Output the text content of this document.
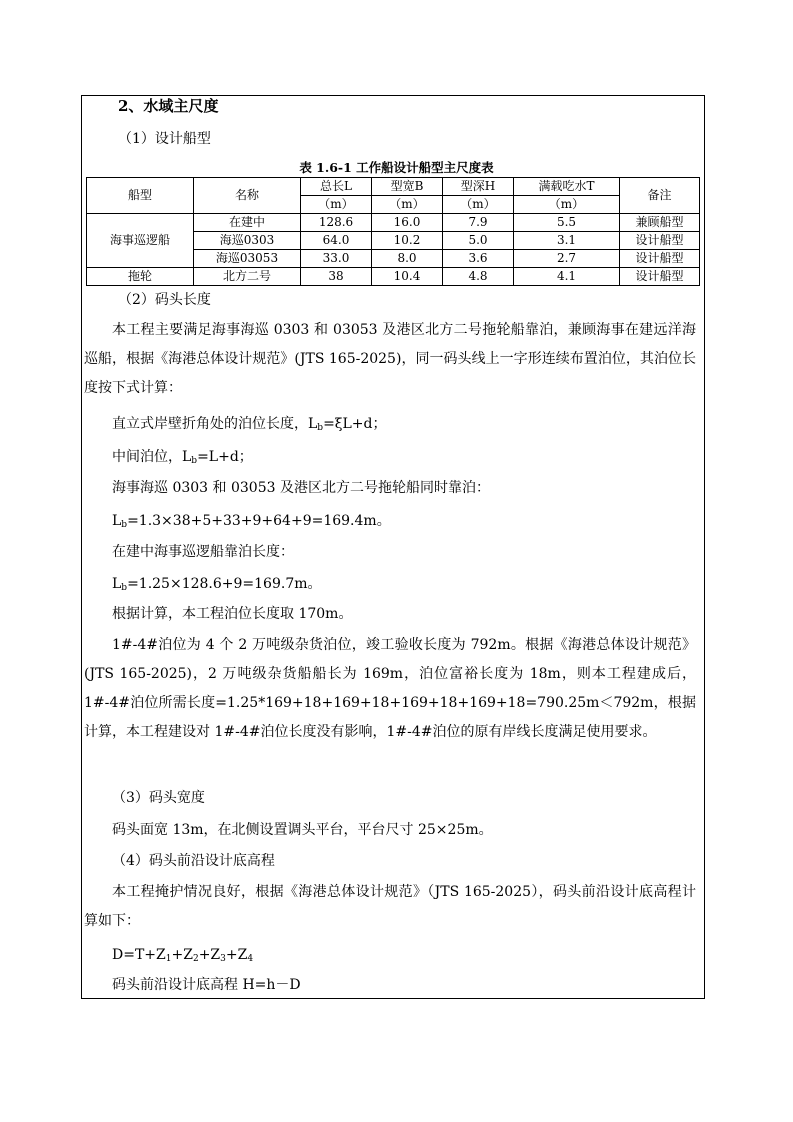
2、水域主尺度
（1）设计船型
表 1.6-1 工作船设计船型主尺度表
船型	名称	总长L	型宽B	型深H	满载吃水T	备注
		（m）	（m）	（m）	（m）	
海事巡逻船	在建中	128.6	16.0	7.9	5.5	兼顾船型
	海巡0303	64.0	10.2	5.0	3.1	设计船型
	海巡03053	33.0	8.0	3.6	2.7	设计船型
拖轮	北方二号	38	10.4	4.8	4.1	设计船型
（2）码头长度
本工程主要满足海事海巡 0303 和 03053 及港区北方二号拖轮船靠泊，兼顾海事在建远洋海巡船，根据《海港总体设计规范》(JTS 165-2025)，同一码头线上一字形连续布置泊位，其泊位长度按下式计算：
直立式岸壁折角处的泊位长度，$L_b=\xi L+d$；
中间泊位，$L_b=L+d$；
海事海巡 0303 和 03053 及港区北方二号拖轮船同时靠泊：
$L_b=1.3\times 38+5+33+9+64+9=169.4m$。
在建中海事巡逻船靠泊长度：
$L_b=1.25\times 128.6+9=169.7m$。
根据计算，本工程泊位长度取 170m。
1#-4#泊位为 4 个 2 万吨级杂货泊位，竣工验收长度为 792m。根据《海港总体设计规范》(JTS 165-2025)，2 万吨级杂货船船长为 169m，泊位富裕长度为 18m，则本工程建成后，1#-4#泊位所需长度=1.25*169+18+169+18+169+18+169+18=790.25m＜792m，根据计算，本工程建设对 1#-4#泊位长度没有影响，1#-4#泊位的原有岸线长度满足使用要求。
（3）码头宽度
码头面宽 13m，在北侧设置调头平台，平台尺寸 25×25m。
（4）码头前沿设计底高程
本工程掩护情况良好，根据《海港总体设计规范》（JTS 165-2025），码头前沿设计底高程计算如下：
$D=T+Z_1+Z_2+Z_3+Z_4$
码头前沿设计底高程 H=h－D
